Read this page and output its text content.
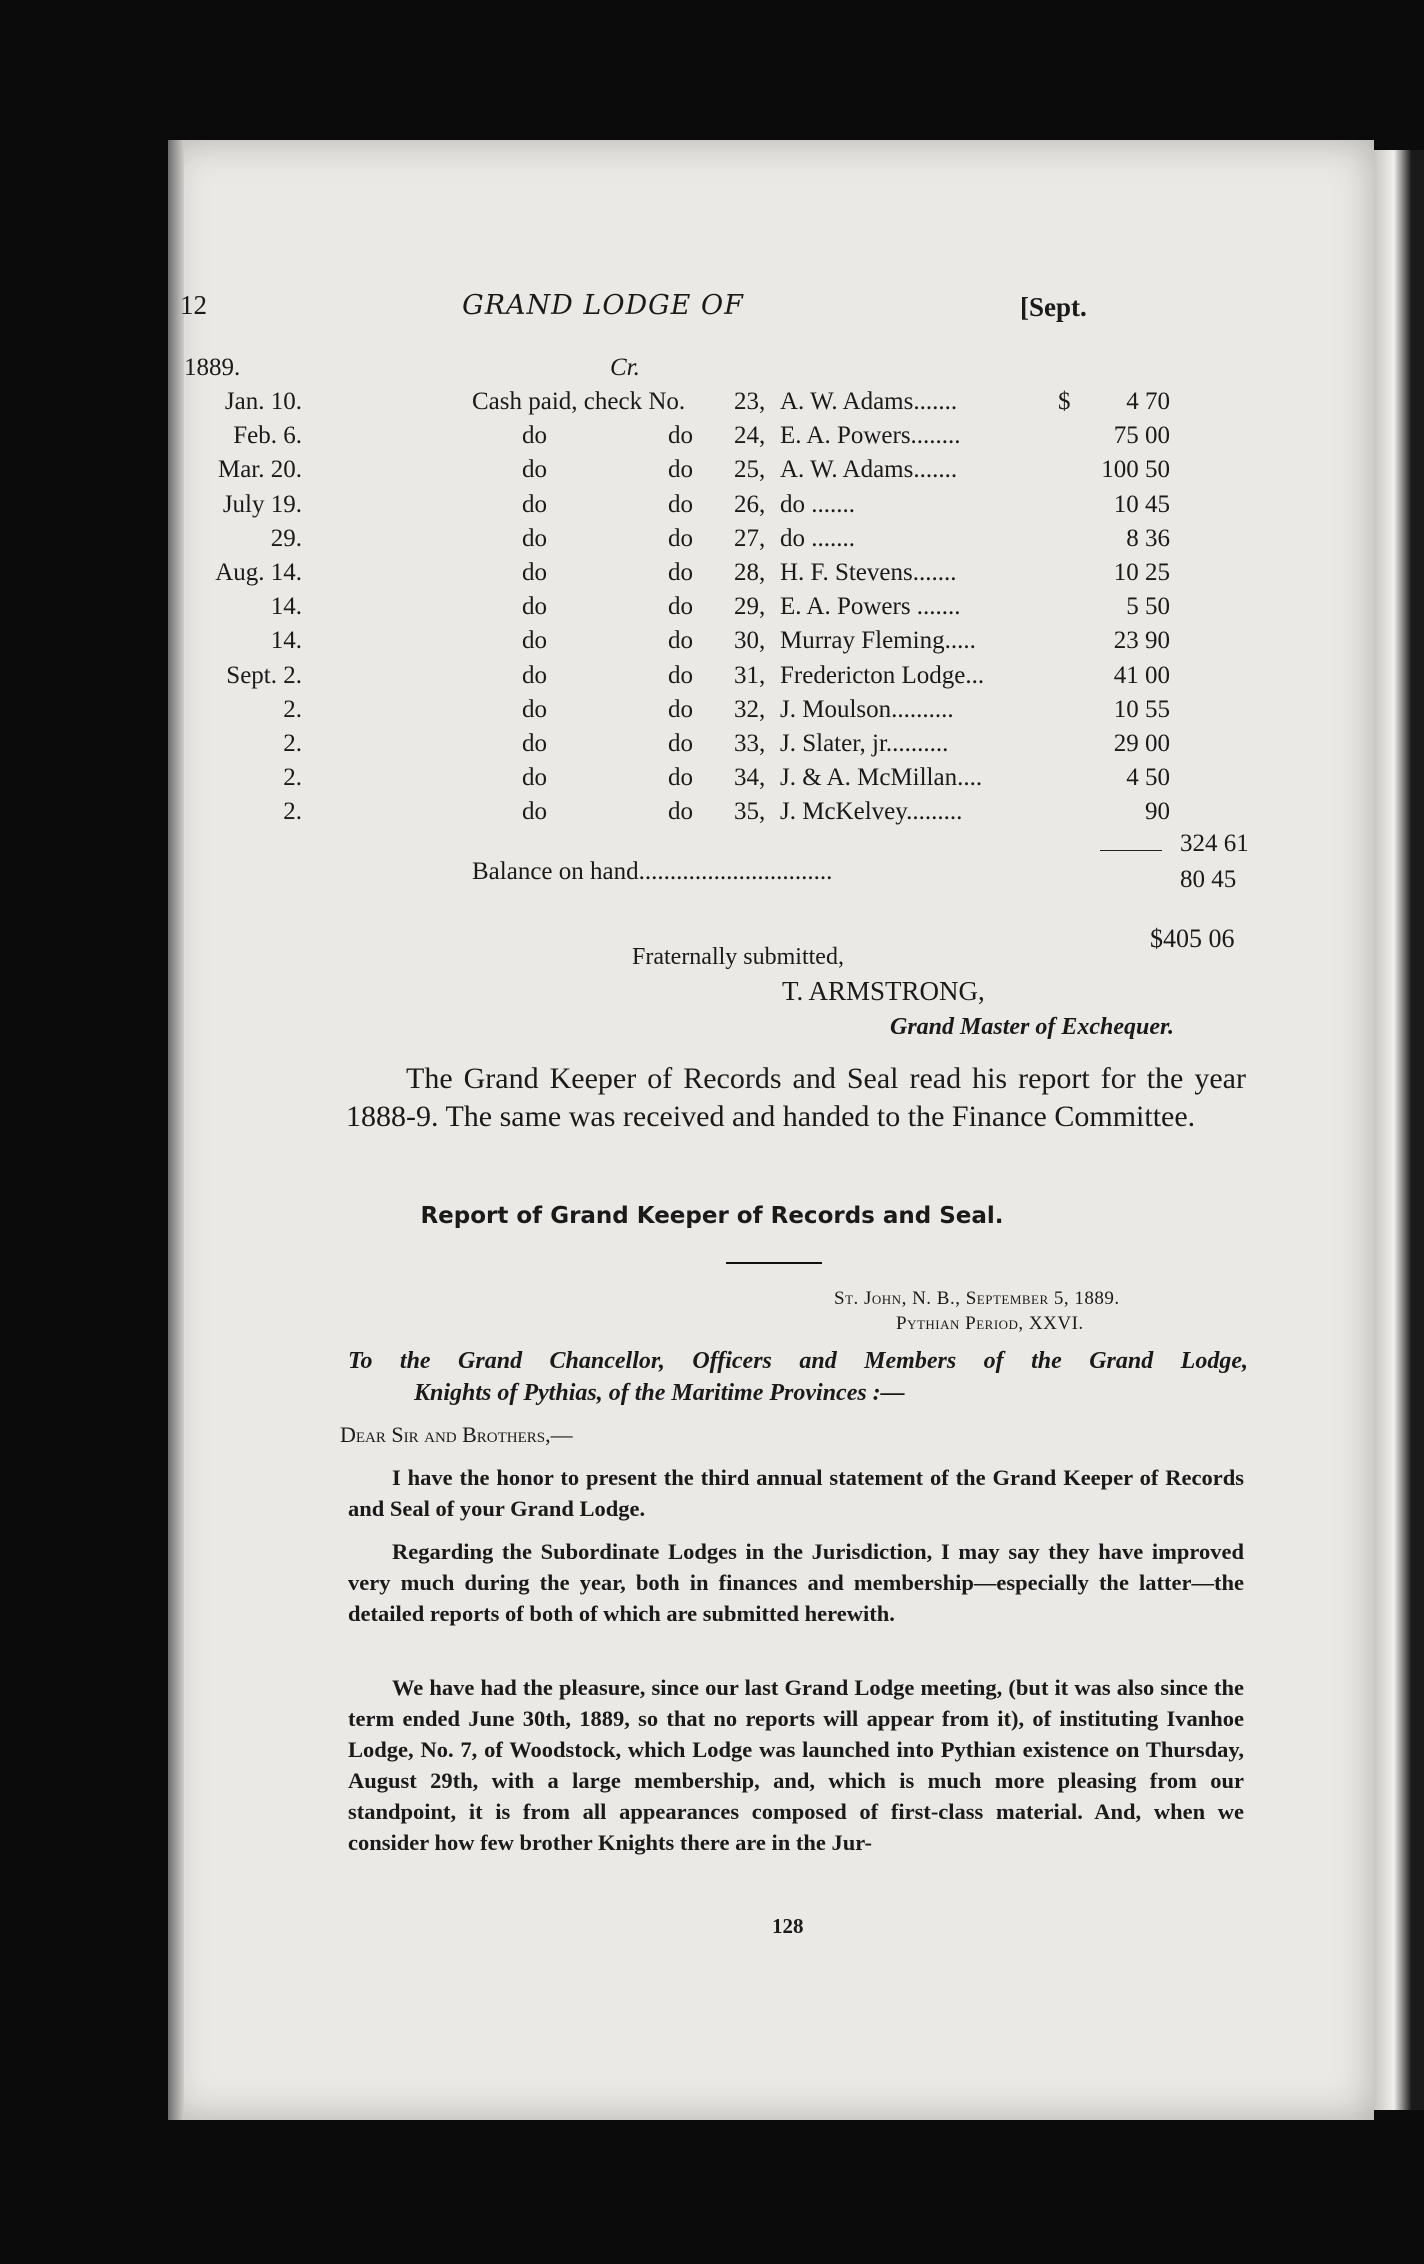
12	GRAND LODGE OF	[Sept.
1889.	Cr.
Jan. 10.	Cash paid, check No. 23, A. W. Adams.......	$	4 70
Feb. 6.	do	do 24, E. A. Powers........	75 00
Mar. 20.	do	do 25, A. W. Adams.......	100 50
July 19.	do	do 26, do .......	10 45
29.	do	do 27, do .......	8 36
Aug. 14.	do	do 28, H. F. Stevens.......	10 25
14.	do	do 29, E. A. Powers .......	5 50
14.	do	do 30, Murray Fleming.....	23 90
Sept. 2.	do	do 31, Fredericton Lodge...	41 00
2.	do	do 32, J. Moulson..........	10 55
2.	do	do 33, J. Slater, jr..........	29 00
2.	do	do 34, J. & A. McMillan....	4 50
2.	do	do 35, J. McKelvey.........	90
324 61
Balance on hand...............................	80 45
$405 06
Fraternally submitted,
T. ARMSTRONG,
Grand Master of Exchequer.

The Grand Keeper of Records and Seal read his report for the year 1888-9. The same was received and handed to the Finance Committee.

Report of Grand Keeper of Records and Seal.
St. John, N. B., September 5, 1889.
Pythian Period, XXVI.
To the Grand Chancellor, Officers and Members of the Grand Lodge,
Knights of Pythias, of the Maritime Provinces :—
Dear Sir and Brothers,—

I have the honor to present the third annual statement of the Grand Keeper of Records and Seal of your Grand Lodge.

Regarding the Subordinate Lodges in the Jurisdiction, I may say they have improved very much during the year, both in finances and membership—especially the latter—the detailed reports of both of which are submitted herewith.

We have had the pleasure, since our last Grand Lodge meeting, (but it was also since the term ended June 30th, 1889, so that no reports will appear from it), of instituting Ivanhoe Lodge, No. 7, of Woodstock, which Lodge was launched into Pythian existence on Thursday, August 29th, with a large membership, and, which is much more pleasing from our standpoint, it is from all appearances composed of first-class material. And, when we consider how few brother Knights there are in the Jur-

128
